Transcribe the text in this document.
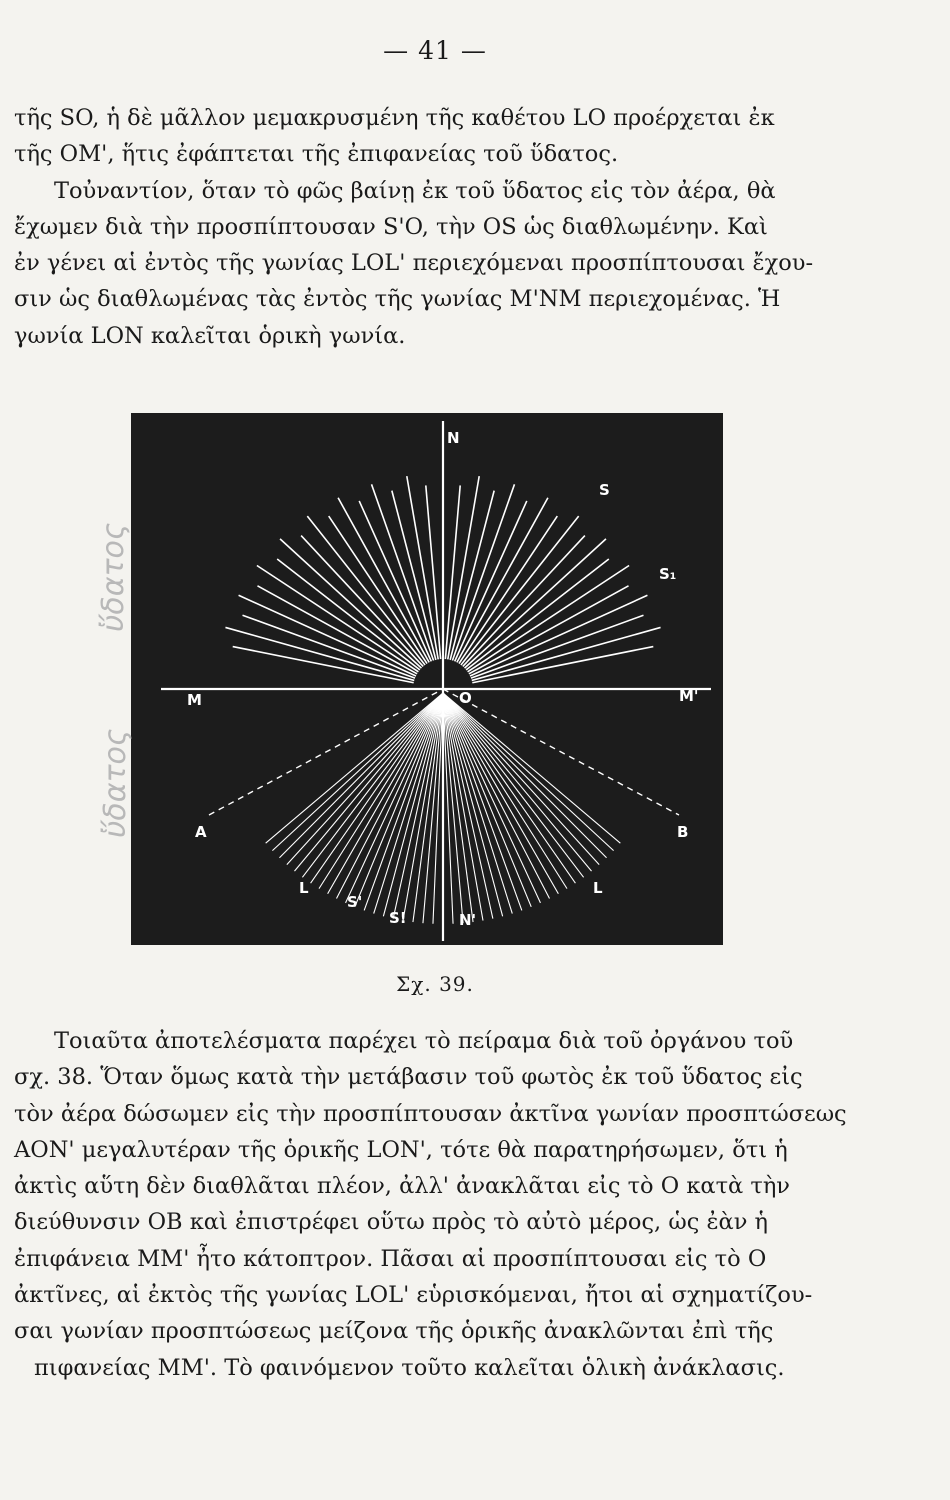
— 41 —

τῆς SO, ἡ δὲ μᾶλλον μεμακρυσμένη τῆς καθέτου LO προέρχεται ἐκ
τῆς OM', ἥτις ἐφάπτεται τῆς ἐπιφανείας τοῦ ὕδατος.
Τοὐναντίον, ὅταν τὸ φῶς βαίνῃ ἐκ τοῦ ὕδατος εἰς τὸν ἀέρα, θὰ
ἔχωμεν διὰ τὴν προσπίπτουσαν S'O, τὴν OS ὡς διαθλωμένην. Καὶ
ἐν γένει αἱ ἐντὸς τῆς γωνίας LOL' περιεχόμεναι προσπίπτουσαι ἔχου-
σιν ὡς διαθλωμένας τὰς ἐντὸς τῆς γωνίας M'NM περιεχομένας. Ἡ
γωνία LON καλεῖται ὁρικὴ γωνία.

N
S
S₁
M	O	M'
A	B
L	L
S'
S!	N'
Σχ. 39.

Τοιαῦτα ἀποτελέσματα παρέχει τὸ πείραμα διὰ τοῦ ὀργάνου τοῦ
σχ. 38. Ὅταν ὅμως κατὰ τὴν μετάβασιν τοῦ φωτὸς ἐκ τοῦ ὕδατος εἰς
τὸν ἀέρα δώσωμεν εἰς τὴν προσπίπτουσαν ἀκτῖνα γωνίαν προσπτώσεως
AON' μεγαλυτέραν τῆς ὁρικῆς LON', τότε θὰ παρατηρήσωμεν, ὅτι ἡ
ἀκτὶς αὕτη δὲν διαθλᾶται πλέον, ἀλλ' ἀνακλᾶται εἰς τὸ O κατὰ τὴν
διεύθυνσιν OB καὶ ἐπιστρέφει οὕτω πρὸς τὸ αὐτὸ μέρος, ὡς ἐὰν ἡ
ἐπιφάνεια MM' ἦτο κάτοπτρον. Πᾶσαι αἱ προσπίπτουσαι εἰς τὸ O
ἀκτῖνες, αἱ ἐκτὸς τῆς γωνίας LOL' εὑρισκόμεναι, ἤτοι αἱ σχηματίζου-
σαι γωνίαν προσπτώσεως μείζονα τῆς ὁρικῆς ἀνακλῶνται ἐπὶ τῆς
πιφανείας MM'. Τὸ φαινόμενον τοῦτο καλεῖται ὁλικὴ ἀνάκλασις.

ὕδατος
ὕδατος
